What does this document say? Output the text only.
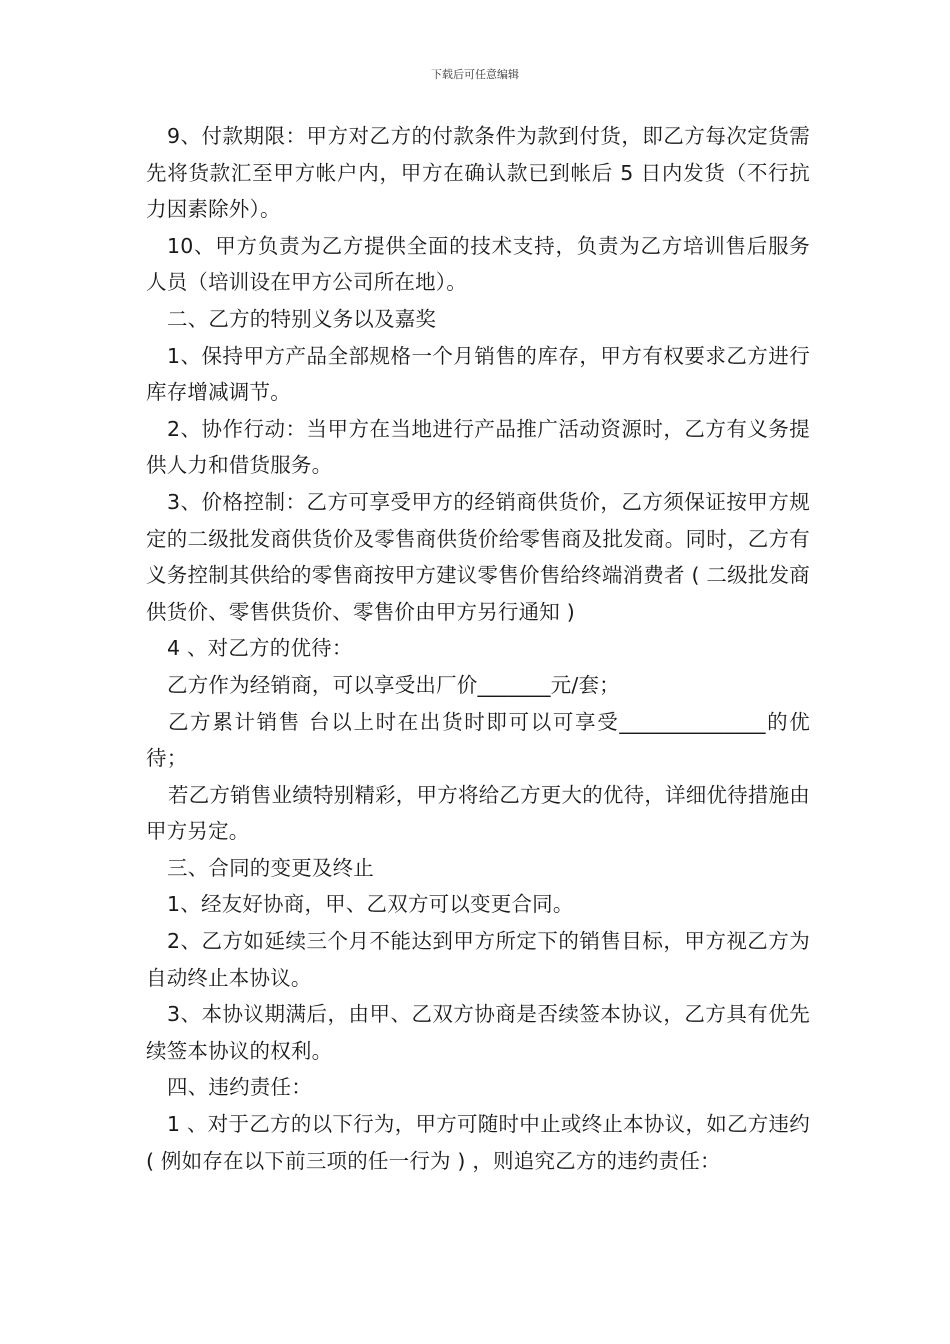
下载后可任意编辑

9、付款期限：甲方对乙方的付款条件为款到付货，即乙方每次定货需先将货款汇至甲方帐户内，甲方在确认款已到帐后 5 日内发货（不行抗力因素除外）。

10、甲方负责为乙方提供全面的技术支持，负责为乙方培训售后服务人员（培训设在甲方公司所在地）。

二、乙方的特别义务以及嘉奖

1、保持甲方产品全部规格一个月销售的库存，甲方有权要求乙方进行库存增减调节。

2、协作行动：当甲方在当地进行产品推广活动资源时，乙方有义务提供人力和借货服务。

3、价格控制：乙方可享受甲方的经销商供货价，乙方须保证按甲方规定的二级批发商供货价及零售商供货价给零售商及批发商。同时，乙方有义务控制其供给的零售商按甲方建议零售价售给终端消费者 ( 二级批发商供货价、零售供货价、零售价由甲方另行通知 )

4 、对乙方的优待：

乙方作为经销商，可以享受出厂价_______元/套；

乙方累计销售 台以上时在出货时即可以可享受______________的优待；

若乙方销售业绩特别精彩，甲方将给乙方更大的优待，详细优待措施由甲方另定。

三、合同的变更及终止

1、经友好协商，甲、乙双方可以变更合同。

2、乙方如延续三个月不能达到甲方所定下的销售目标，甲方视乙方为自动终止本协议。

3、本协议期满后，由甲、乙双方协商是否续签本协议，乙方具有优先续签本协议的权利。

四、违约责任：

1 、对于乙方的以下行为，甲方可随时中止或终止本协议，如乙方违约 ( 例如存在以下前三项的任一行为 ) ，则追究乙方的违约责任：
